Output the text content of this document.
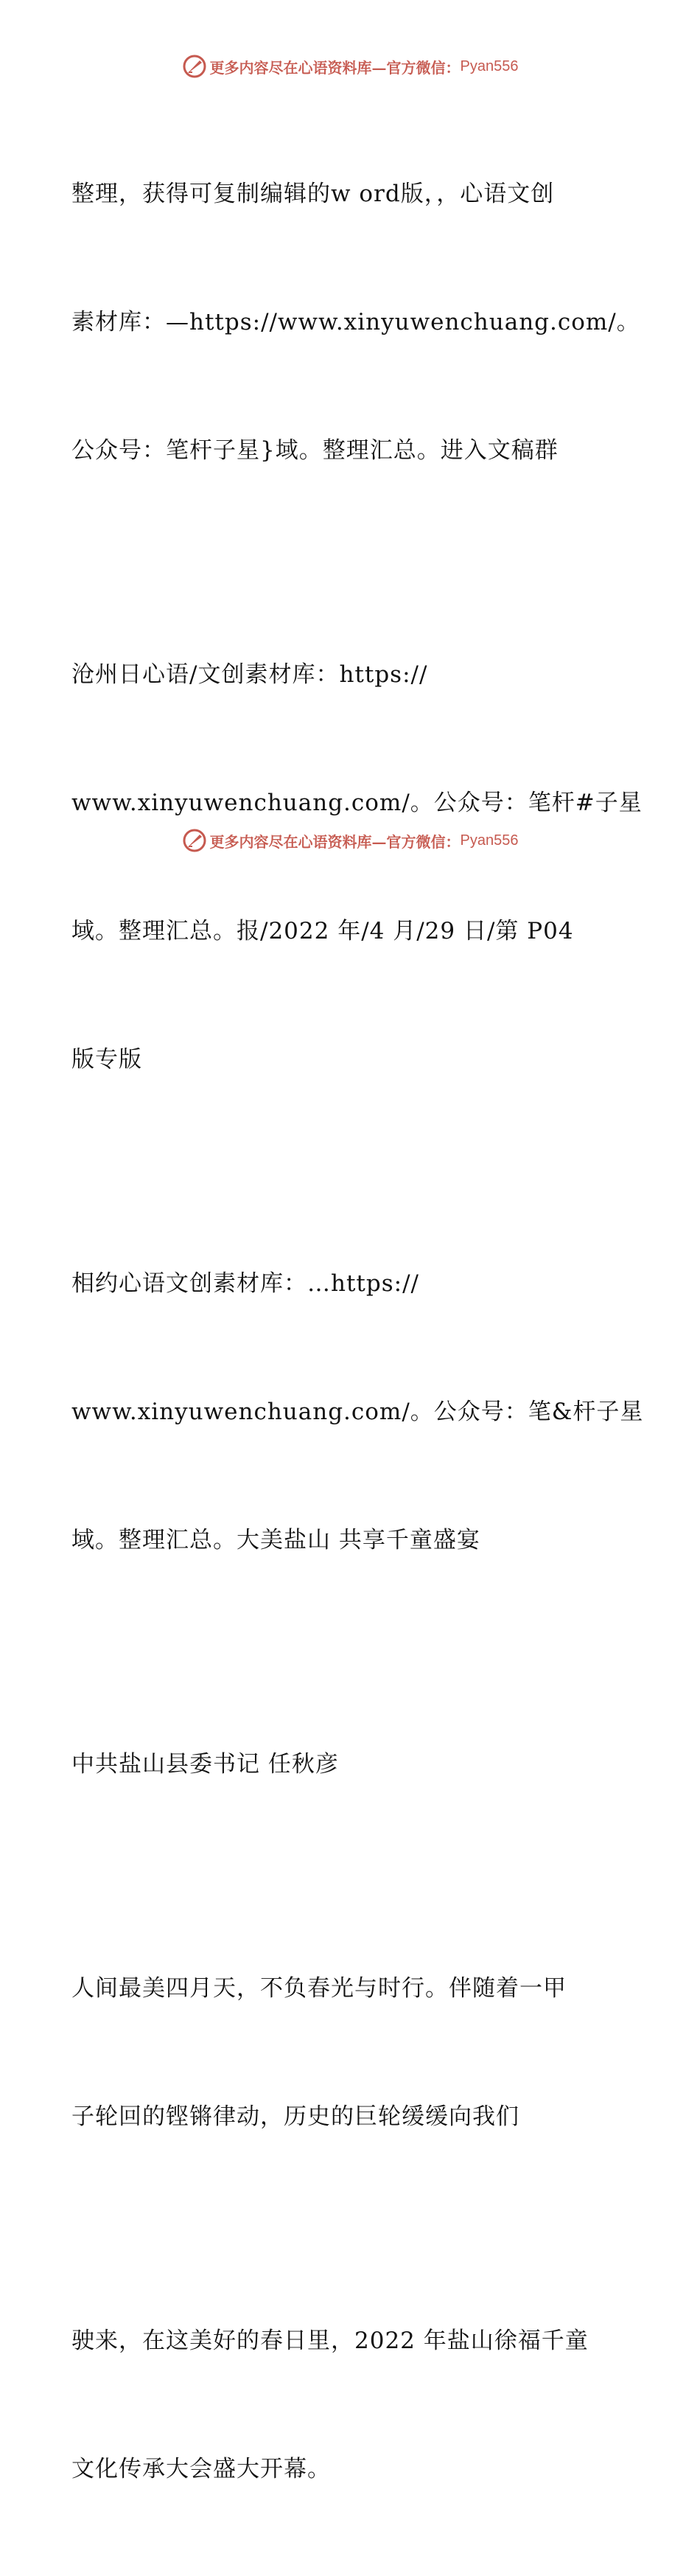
更多内容尽在心语资料库—官方微信： Pyan556

整理，获得可复制编辑的w ord版，，心语文创

素材库：—https://www.xinyuwenchuang.com/。

公众号：笔杆子星}域。整理汇总。进入文稿群

沧州日心语/文创素材库：https://

www.xinyuwenchuang.com/。公众号：笔杆#子星

域。整理汇总。报/2022 年/4 月/29 日/第 P04

版专版

相约心语文创素材库：…https://

www.xinyuwenchuang.com/。公众号：笔&杆子星

域。整理汇总。大美盐山 共享千童盛宴

中共盐山县委书记 任秋彦

人间最美四月天，不负春光与时行。伴随着一甲

子轮回的铿锵律动，历史的巨轮缓缓向我们

驶来，在这美好的春日里，2022 年盐山徐福千童

文化传承大会盛大开幕。

更多内容尽在心语资料库—官方微信： Pyan556
